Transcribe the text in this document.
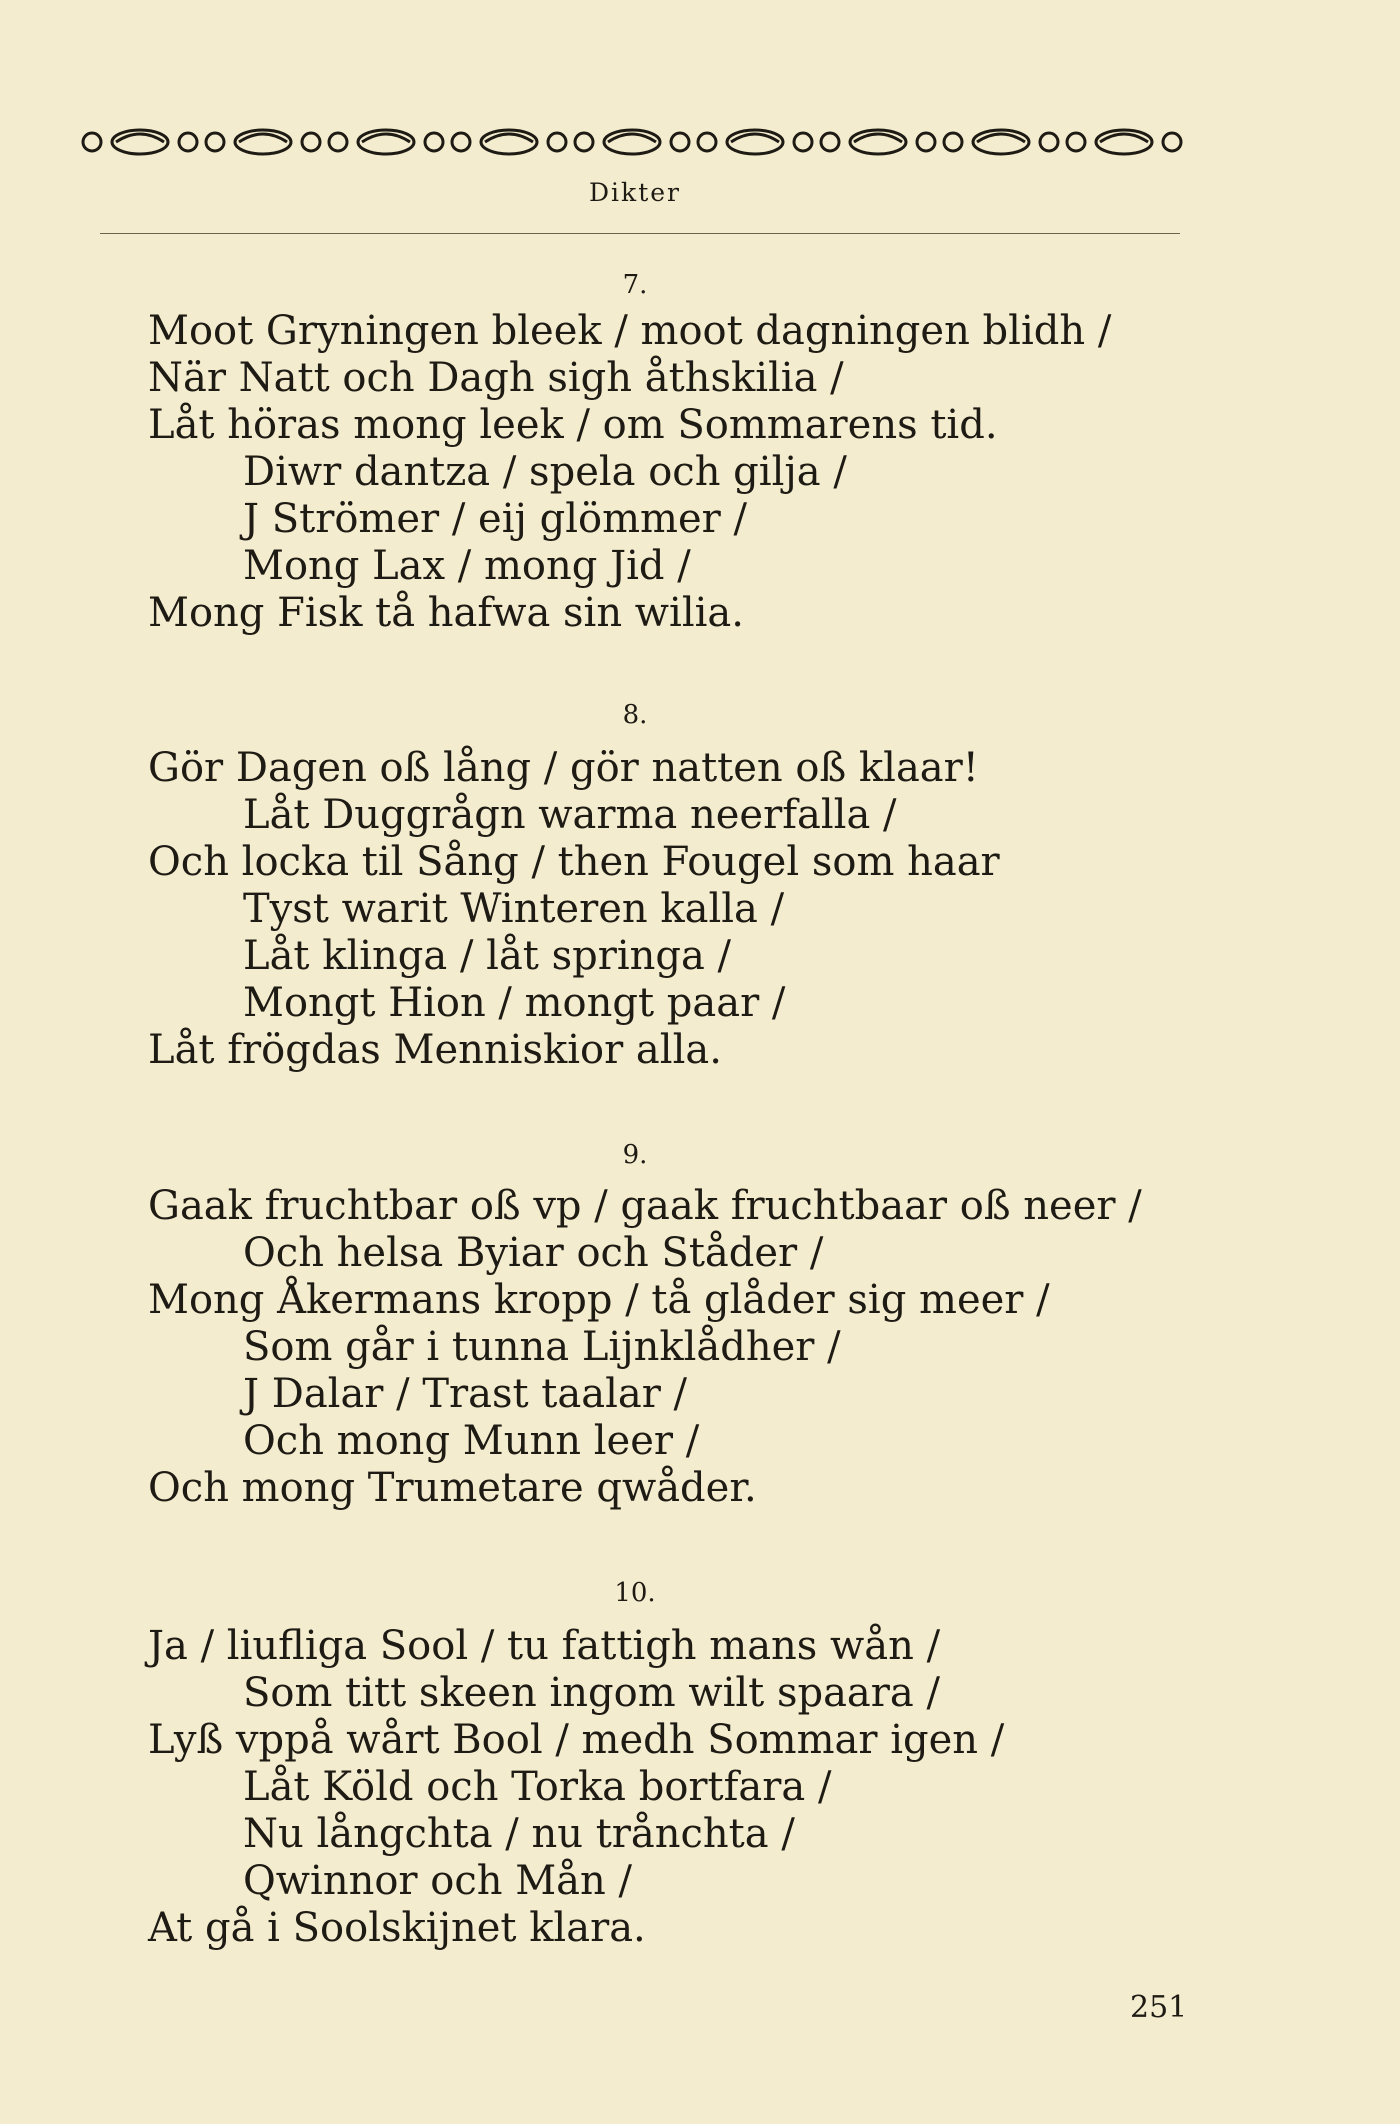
Dikter
7.
Moot Gryningen bleek / moot dagningen blidh /
När Natt och Dagh sigh åthskilia /
Låt höras mong leek / om Sommarens tid.
Diwr dantza / spela och gilja /
J Strömer / eij glömmer /
Mong Lax / mong Jid /
Mong Fisk tå hafwa sin wilia.
8.
Gör Dagen oß lång / gör natten oß klaar!
Låt Duggrågn warma neerfalla /
Och locka til Sång / then Fougel som haar
Tyst warit Winteren kalla /
Låt klinga / låt springa /
Mongt Hion / mongt paar /
Låt frögdas Menniskior alla.
9.
Gaak fruchtbar oß vp / gaak fruchtbaar oß neer /
Och helsa Byiar och Ståder /
Mong Åkermans kropp / tå glåder sig meer /
Som går i tunna Lijnklådher /
J Dalar / Trast taalar /
Och mong Munn leer /
Och mong Trumetare qwåder.
10.
Ja / liufliga Sool / tu fattigh mans wån /
Som titt skeen ingom wilt spaara /
Lyß vppå wårt Bool / medh Sommar igen /
Låt Köld och Torka bortfara /
Nu långchta / nu trånchta /
Qwinnor och Mån /
At gå i Soolskijnet klara.
251
